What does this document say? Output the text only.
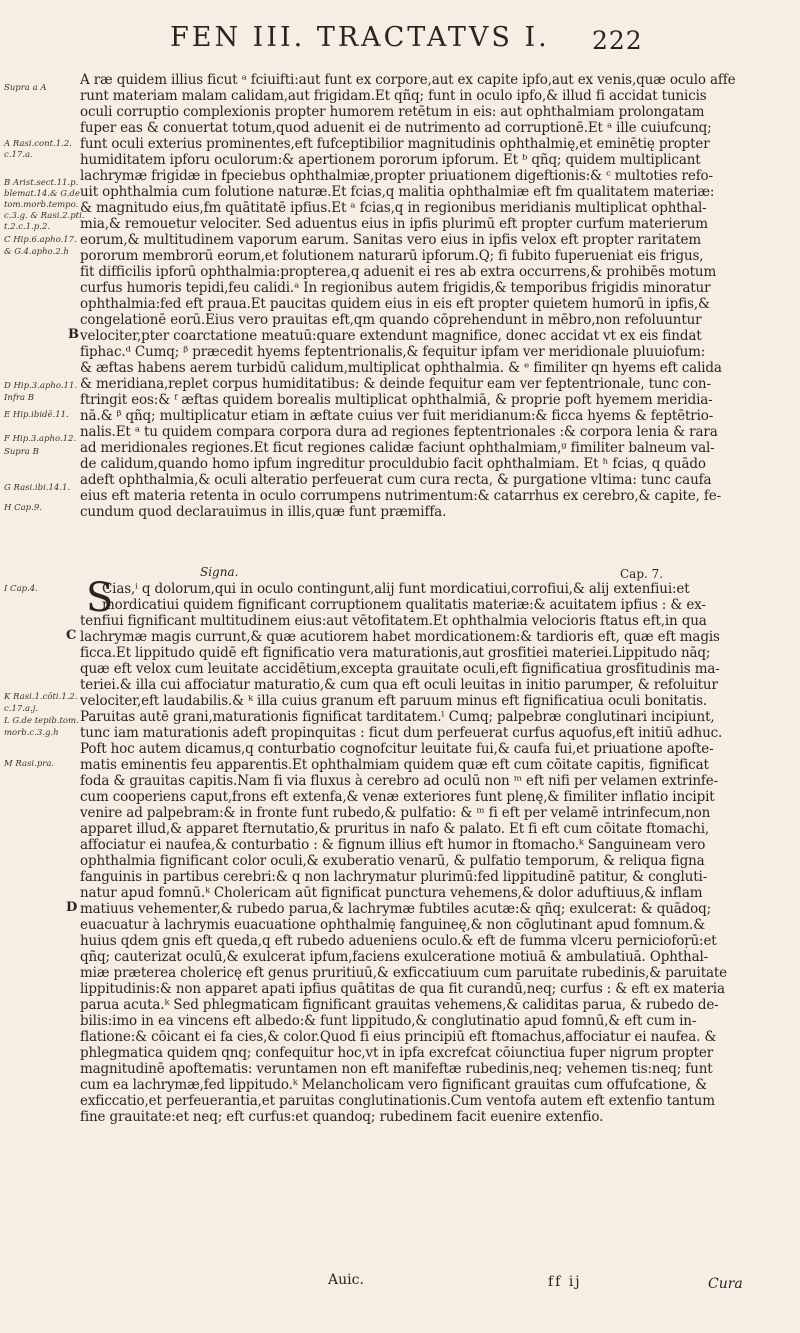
FEN III. TRACTATVS I. 222
Supra a A
A Rasi.cont.1.2.
c.17.a.
B Arist.sect.11.p.
blemat.14.& G.de
tom.morb.tempo.
c.3.g. & Rasi.2.pti.
t.2.c.1.p.2.
C Hip.6.apho.17.
& G.4.apho.2.h
D Hip.3.apho.11.
Infra B
E Hip.ibidē.11.
F Hip.3.apho.12.
Supra B
G Rasi.ibi.14.1.
H Cap.9.
I Cap.4.
K Rasi.1.cōti.1.2.
c.17.a.j.
L G.de tepib.tom.
morb.c.3.g.h
M Rasi.pra.
A ræ quidem illius ficut ᵃ fciuifti:aut funt ex corpore,aut ex capite ipfo,aut ex venis,quæ oculo affe
runt materiam malam calidam,aut frigidam.Et qñq; funt in oculo ipfo,& illud fi accidat tunicis
oculi corruptio complexionis propter humorem retētum in eis: aut ophthalmiam prolongatam
fuper eas & conuertat totum,quod aduenit ei de nutrimento ad corruptionē.Et ᵃ ille cuiufcunq;
funt oculi exterius prominentes,eft fufceptibilior magnitudinis ophthalmię,et eminētię propter
humiditatem ipforu oculorum:& apertionem pororum ipforum. Et ᵇ qñq; quidem multiplicant
lachrymæ frigidæ in fpeciebus ophthalmiæ,propter priuationem digeftionis:& ᶜ multoties refo-
uit ophthalmia cum folutione naturæ.Et fcias,q malitia ophthalmiæ eft fm qualitatem materiæ:
& magnitudo eius,fm quātitatē ipfius.Et ᵃ fcias,q in regionibus meridianis multiplicat ophthal-
mia,& remouetur velociter. Sed aduentus eius in ipfis plurimū eft propter curfum materierum
eorum,& multitudinem vaporum earum. Sanitas vero eius in ipfis velox eft propter raritatem
pororum membrorū eorum,et folutionem naturarū ipforum.Q; fi fubito fuperueniat eis frigus,
fit difficilis ipforū ophthalmia:propterea,q aduenit ei res ab extra occurrens,& prohibēs motum
curfus humoris tepidi,feu calidi.ᵃ In regionibus autem frigidis,& temporibus frigidis minoratur
ophthalmia:fed eft praua.Et paucitas quidem eius in eis eft propter quietem humorū in ipfis,&
congelationē eorū.Eius vero prauitas eft,qm quando cōprehendunt in mēbro,non refoluuntur
velociter,pter coarctatione meatuū:quare extendunt magnifice, donec accidat vt ex eis findat
fiphac.ᵈ Cumq; ᵝ præcedit hyems feptentrionalis,& fequitur ipfam ver meridionale pluuiofum:
& æftas habens aerem turbidū calidum,multiplicat ophthalmia. & ᵉ fimiliter qn hyems eft calida
& meridiana,replet corpus humiditatibus: & deinde fequitur eam ver feptentrionale, tunc con-
ftringit eos:& ᶠ æftas quidem borealis multiplicat ophthalmiā, & proprie poft hyemem meridia-
nā.& ᵝ qñq; multiplicatur etiam in æftate cuius ver fuit meridianum:& ficca hyems & feptētrio-
nalis.Et ᵃ tu quidem compara corpora dura ad regiones feptentrionales :& corpora lenia & rara
ad meridionales regiones.Et ficut regiones calidæ faciunt ophthalmiam,ᵍ fimiliter balneum val-
de calidum,quando homo ipfum ingreditur proculdubio facit ophthalmiam. Et ʰ fcias, q quādo
adeft ophthalmia,& oculi alteratio perfeuerat cum cura recta, & purgatione vltima: tunc caufa
eius eft materia retenta in oculo corrumpens nutrimentum:& catarrhus ex cerebro,& capite, fe-
cundum quod declarauimus in illis,quæ funt præmiffa.
B
Signa.	Cap. 7.
S
Cias,ⁱ q dolorum,qui in oculo contingunt,alij funt mordicatiui,corrofiui,& alij extenfiui:et
mordicatiui quidem fignificant corruptionem qualitatis materiæ:& acuitatem ipfius : & ex-
tenfiui fignificant multitudinem eius:aut vētofitatem.Et ophthalmia velocioris ftatus eft,in qua
lachrymæ magis currunt,& quæ acutiorem habet mordicationem:& tardioris eft, quæ eft magis
ficca.Et lippitudo quidē eft fignificatio vera maturationis,aut grosfitiei materiei.Lippitudo nāq;
quæ eft velox cum leuitate accidētium,excepta grauitate oculi,eft fignificatiua grosfitudinis ma-
teriei.& illa cui affociatur maturatio,& cum qua eft oculi leuitas in initio parumper, & refoluitur
velociter,eft laudabilis.& ᵏ illa cuius granum eft paruum minus eft fignificatiua oculi bonitatis.
Paruitas autē grani,maturationis fignificat tarditatem.ˡ Cumq; palpebræ conglutinari incipiunt,
tunc iam maturationis adeft propinquitas : ficut dum perfeuerat curfus aquofus,eft initiū adhuc.
Poft hoc autem dicamus,q conturbatio cognofcitur leuitate fui,& caufa fui,et priuatione apofte-
matis eminentis feu apparentis.Et ophthalmiam quidem quæ eft cum cōitate capitis, fignificat
foda & grauitas capitis.Nam fi via fluxus à cerebro ad oculū non ᵐ eft nifi per velamen extrinfe-
cum cooperiens caput,frons eft extenfa,& venæ exteriores funt plenę,& fimiliter inflatio incipit
venire ad palpebram:& in fronte funt rubedo,& pulfatio: & ᵐ fi eft per velamē intrinfecum,non
apparet illud,& apparet fternutatio,& pruritus in nafo & palato. Et fi eft cum cōitate ftomachi,
affociatur ei naufea,& conturbatio : & fignum illius eft humor in ftomacho.ᵏ Sanguineam vero
ophthalmia fignificant color oculi,& exuberatio venarū, & pulfatio temporum, & reliqua figna
fanguinis in partibus cerebri:& q non lachrymatur plurimū:fed lippitudinē patitur, & congluti-
natur apud fomnū.ᵏ Cholericam aūt fignificat punctura vehemens,& dolor aduftiuus,& inflam
matiuus vehementer,& rubedo parua,& lachrymæ fubtiles acutæ:& qñq; exulcerat: & quādoq;
euacuatur à lachrymis euacuatione ophthalmię fanguineę,& non cōglutinant apud fomnum.&
huius qdem gnis eft queda,q eft rubedo adueniens oculo.& eft de fumma vlceru perniciofoṛū:et
qñq; cauterizat oculū,& exulcerat ipfum,faciens exulceratione motiuā & ambulatiuā. Ophthal-
miæ præterea cholericę eft genus pruritiuū,& exficcatiuum cum paruitate rubedinis,& paruitate
lippitudinis:& non apparet apati ipfius quātitas de qua fit curandū,neq; curfus : & eft ex materia
parua acuta.ᵏ Sed phlegmaticam fignificant grauitas vehemens,& caliditas parua, & rubedo de-
bilis:imo in ea vincens eft albedo:& funt lippitudo,& conglutinatio apud fomnū,& eft cum in-
flatione:& cōicant ei fa cies,& color.Quod fi eius principiū eft ftomachus,affociatur ei naufea. &
phlegmatica quidem qnq; confequitur hoc,vt in ipfa excrefcat cōiunctiua fuper nigrum propter
magnitudinē apoftematis: veruntamen non eft manifeftæ rubedinis,neq; vehemen tis:neq; funt
cum ea lachrymæ,fed lippitudo.ᵏ Melancholicam vero fignificant grauitas cum offufcatione, &
exficcatio,et perfeuerantia,et paruitas conglutinationis.Cum ventofa autem eft extenfio tantum
fine grauitate:et neq; eft curfus:et quandoq; rubedinem facit euenire extenfio.
C
D
Auic.	ff ij	Cura
